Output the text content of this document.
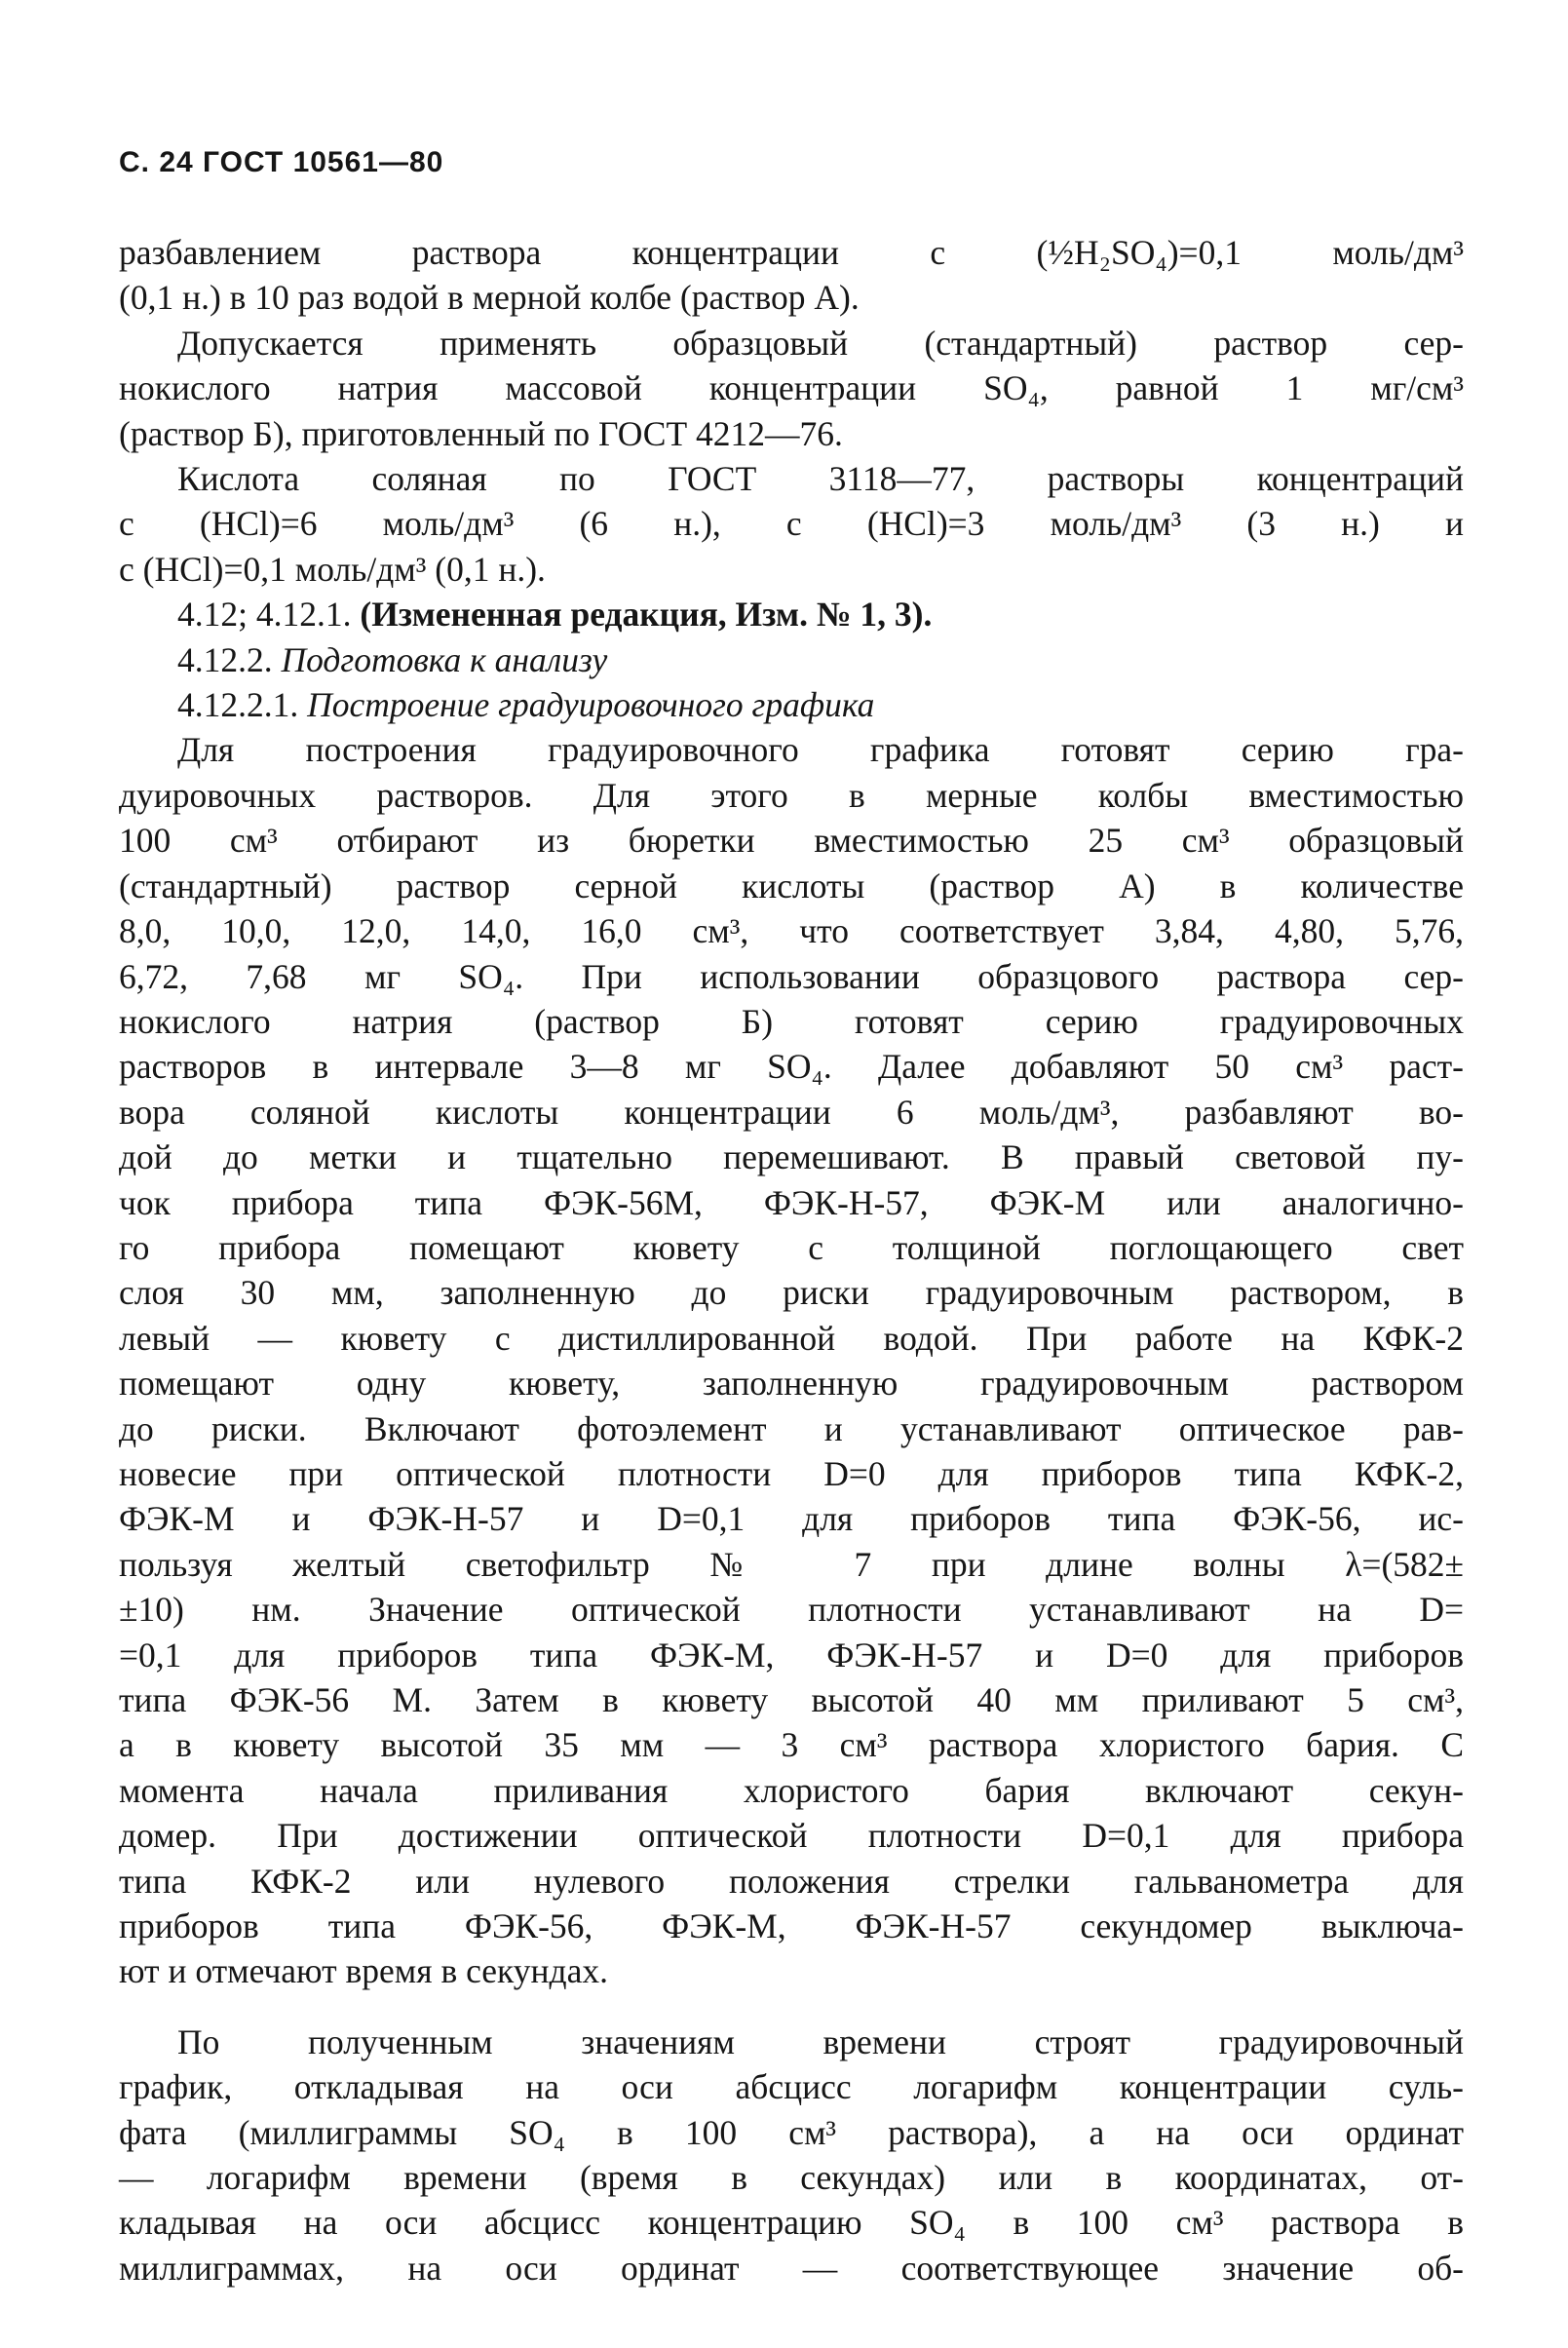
С. 24 ГОСТ 10561—80

разбавлением раствора концентрации c (½H₂SO₄)=0,1 моль/дм³
(0,1 н.) в 10 раз водой в мерной колбе (раствор А).

Допускается применять образцовый (стандартный) раствор сер-
нокислого натрия массовой концентрации SO₄, равной 1 мг/см³
(раствор Б), приготовленный по ГОСТ 4212—76.

Кислота соляная по ГОСТ 3118—77, растворы концентраций
c (HCl)=6 моль/дм³ (6 н.), c (HCl)=3 моль/дм³ (3 н.) и
c (HCl)=0,1 моль/дм³ (0,1 н.).

4.12; 4.12.1. (Измененная редакция, Изм. № 1, 3).

4.12.2. Подготовка к анализу

4.12.2.1. Построение градуировочного графика

Для построения градуировочного графика готовят серию гра-
дуировочных растворов. Для этого в мерные колбы вместимостью
100 см³ отбирают из бюретки вместимостью 25 см³ образцовый
(стандартный) раствор серной кислоты (раствор А) в количестве
8,0, 10,0, 12,0, 14,0, 16,0 см³, что соответствует 3,84, 4,80, 5,76,
6,72, 7,68 мг SO₄. При использовании образцового раствора сер-
нокислого натрия (раствор Б) готовят серию градуировочных
растворов в интервале 3—8 мг SO₄. Далее добавляют 50 см³ раст-
вора соляной кислоты концентрации 6 моль/дм³, разбавляют во-
дой до метки и тщательно перемешивают. В правый световой пу-
чок прибора типа ФЭК-56М, ФЭК-Н-57, ФЭК-М или аналогично-
го прибора помещают кювету с толщиной поглощающего свет
слоя 30 мм, заполненную до риски градуировочным раствором, в
левый — кювету с дистиллированной водой. При работе на КФК-2
помещают одну кювету, заполненную градуировочным раствором
до риски. Включают фотоэлемент и устанавливают оптическое рав-
новесие при оптической плотности D=0 для приборов типа КФК-2,
ФЭК-М и ФЭК-Н-57 и D=0,1 для приборов типа ФЭК-56, ис-
пользуя желтый светофильтр № 7 при длине волны λ=(582±
±10) нм. Значение оптической плотности устанавливают на D=
=0,1 для приборов типа ФЭК-М, ФЭК-Н-57 и D=0 для приборов
типа ФЭК-56 М. Затем в кювету высотой 40 мм приливают 5 см³,
а в кювету высотой 35 мм — 3 см³ раствора хлористого бария. С
момента начала приливания хлористого бария включают секун-
домер. При достижении оптической плотности D=0,1 для прибора
типа КФК-2 или нулевого положения стрелки гальванометра для
приборов типа ФЭК-56, ФЭК-М, ФЭК-Н-57 секундомер выключа-
ют и отмечают время в секундах.

По полученным значениям времени строят градуировочный
график, откладывая на оси абсцисс логарифм концентрации суль-
фата (миллиграммы SO₄ в 100 см³ раствора), а на оси ординат
— логарифм времени (время в секундах) или в координатах, от-
кладывая на оси абсцисс концентрацию SO₄ в 100 см³ раствора в
миллиграммах, на оси ординат — соответствующее значение об-
